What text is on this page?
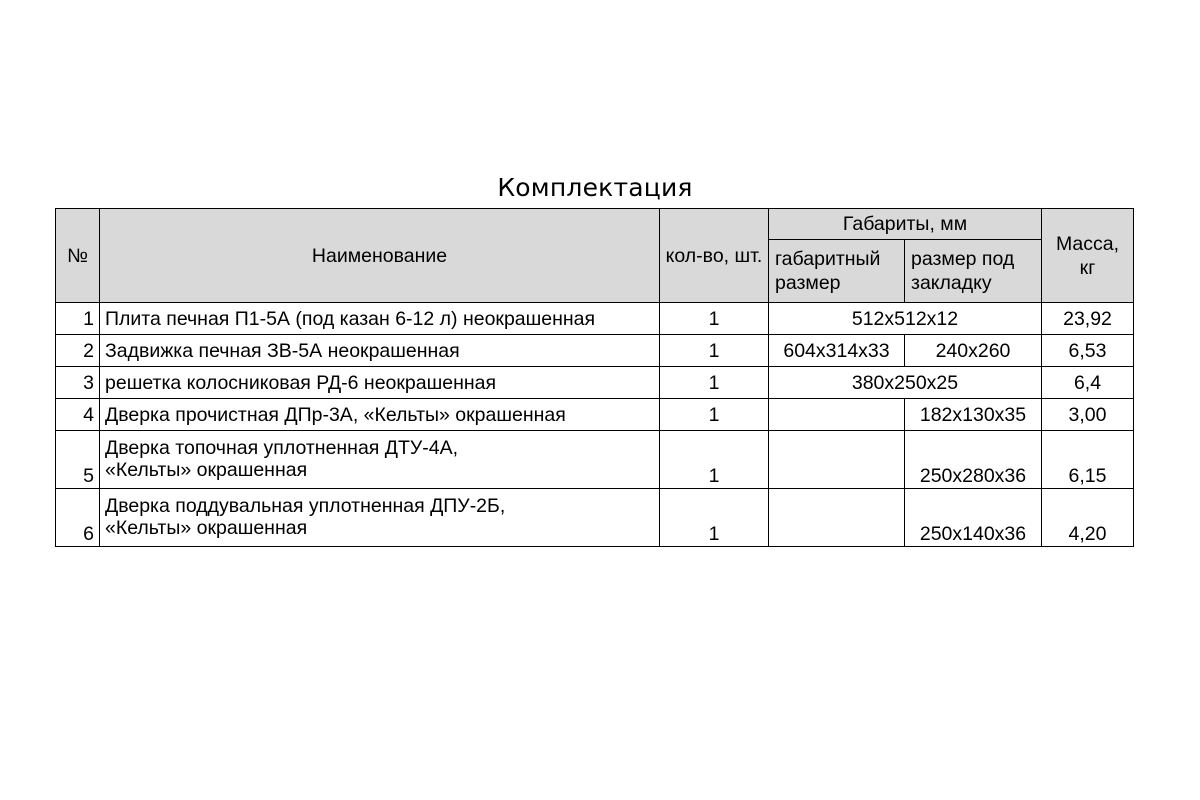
Комплектация
№	Наименование	кол-во, шт.	Габариты, мм		Масса, кг
			габаритный размер	размер под закладку	
1	Плита печная П1-5А (под казан 6-12 л) неокрашенная	1	512х512х12		23,92
2	Задвижка печная ЗВ-5А неокрашенная	1	604х314х33	240х260	6,53
3	решетка колосниковая РД-6 неокрашенная	1	380х250х25		6,4
4	Дверка прочистная ДПр-3А, «Кельты» окрашенная	1		182х130х35	3,00
5	Дверка топочная уплотненная ДТУ-4А, «Кельты» окрашенная	1		250х280х36	6,15
6	Дверка поддувальная уплотненная ДПУ-2Б, «Кельты» окрашенная	1		250х140х36	4,20
